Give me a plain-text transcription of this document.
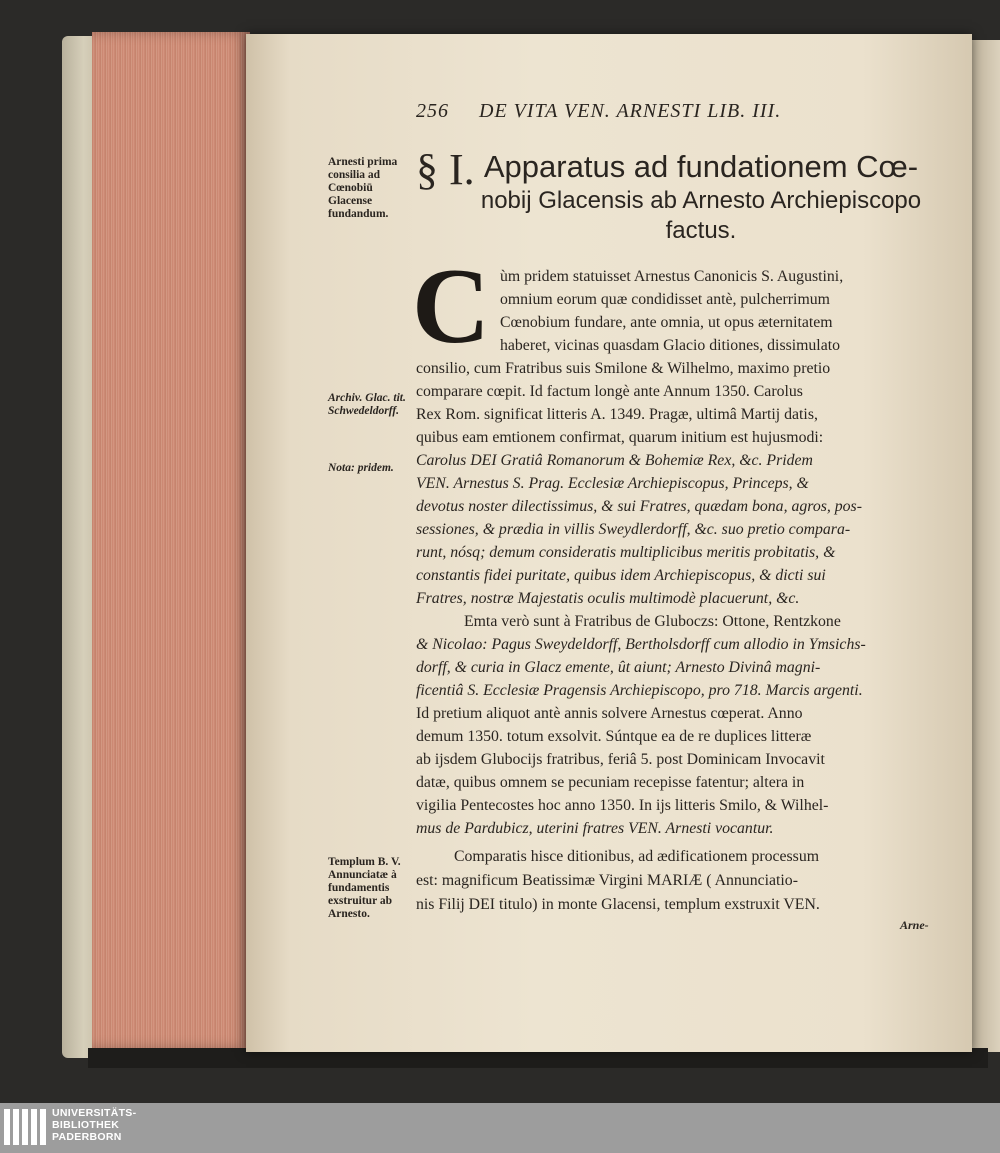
256 DE VITA VEN. ARNESTI LIB. III.
Arnesti prima consilia ad Cœnobiū Glacense fundandum.
Archiv. Glac. tit. Schwedeldorff.
Nota: pridem.
Templum B. V. Annunciatæ à fundamentis exstruitur ab Arnesto.
§ I. Apparatus ad fundationem Cœ-
nobij Glacensis ab Arnesto Archiepiscopo
factus.
C ùm pridem statuisset Arnestus Canonicis S. Augustini,
omnium eorum quæ condidisset antè, pulcherrimum
Cœnobium fundare, ante omnia, ut opus æternitatem
haberet, vicinas quasdam Glacio ditiones, dissimulato
consilio, cum Fratribus suis Smilone & Wilhelmo, maximo pretio
comparare cœpit. Id factum longè ante Annum 1350. Carolus
Rex Rom. significat litteris A. 1349. Pragæ, ultimâ Martij datis,
quibus eam emtionem confirmat, quarum initium est hujusmodi:
Carolus DEI Gratiâ Romanorum & Bohemiæ Rex, &c. Pridem
VEN. Arnestus S. Prag. Ecclesiæ Archiepiscopus, Princeps, &
devotus noster dilectissimus, & sui Fratres, quædam bona, agros, pos-
sessiones, & prædia in villis Sweydlerdorff, &c. suo pretio compara-
runt, nósq; demum consideratis multiplicibus meritis probitatis, &
constantis fidei puritate, quibus idem Archiepiscopus, & dicti sui
Fratres, nostræ Majestatis oculis multimodè placuerunt, &c.
Emta verò sunt à Fratribus de Gluboczs: Ottone, Rentzkone
& Nicolao: Pagus Sweydeldorff, Bertholsdorff cum allodio in Ymsichs-
dorff, & curia in Glacz emente, ût aiunt; Arnesto Divinâ magni-
ficentiâ S. Ecclesiæ Pragensis Archiepiscopo, pro 718. Marcis argenti.
Id pretium aliquot antè annis solvere Arnestus cœperat. Anno
demum 1350. totum exsolvit. Súntque ea de re duplices litteræ
ab ijsdem Glubocijs fratribus, feriâ 5. post Dominicam Invocavit
datæ, quibus omnem se pecuniam recepisse fatentur; altera in
vigilia Pentecostes hoc anno 1350. In ijs litteris Smilo, & Wilhel-
mus de Pardubicz, uterini fratres VEN. Arnesti vocantur.
Comparatis hisce ditionibus, ad ædificationem processum
est: magnificum Beatissimæ Virgini MARIÆ ( Annunciatio-
nis Filij DEI titulo) in monte Glacensi, templum exstruxit VEN.
Arne-
UNIVERSITÄTS-
BIBLIOTHEK
PADERBORN
